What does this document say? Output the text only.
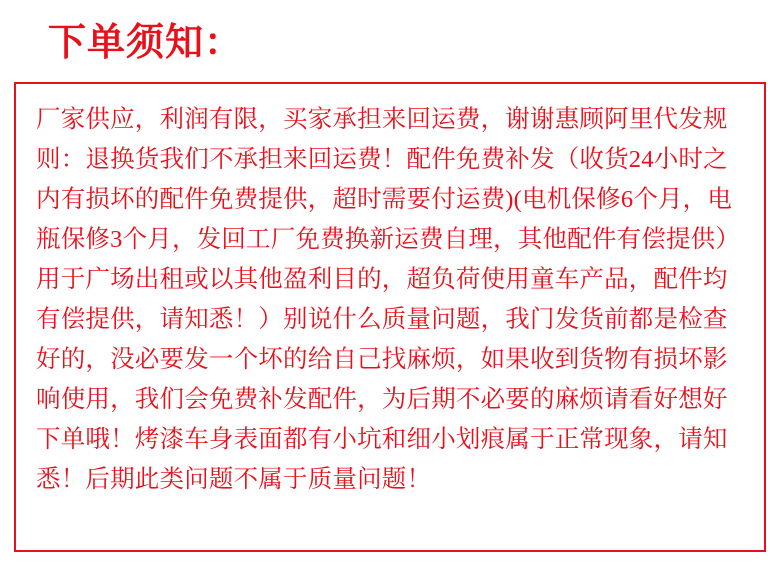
下单须知：

厂家供应，利润有限，买家承担来回运费，谢谢惠顾阿里代发规则：退换货我们不承担来回运费！配件免费补发（收货24小时之内有损坏的配件免费提供，超时需要付运费)(电机保修6个月，电瓶保修3个月，发回工厂免费换新运费自理，其他配件有偿提供）用于广场出租或以其他盈利目的，超负荷使用童车产品，配件均有偿提供，请知悉！）别说什么质量问题，我门发货前都是检查好的，没必要发一个坏的给自己找麻烦，如果收到货物有损坏影响使用，我们会免费补发配件，为后期不必要的麻烦请看好想好下单哦！烤漆车身表面都有小坑和细小划痕属于正常现象，请知悉！后期此类问题不属于质量问题！
